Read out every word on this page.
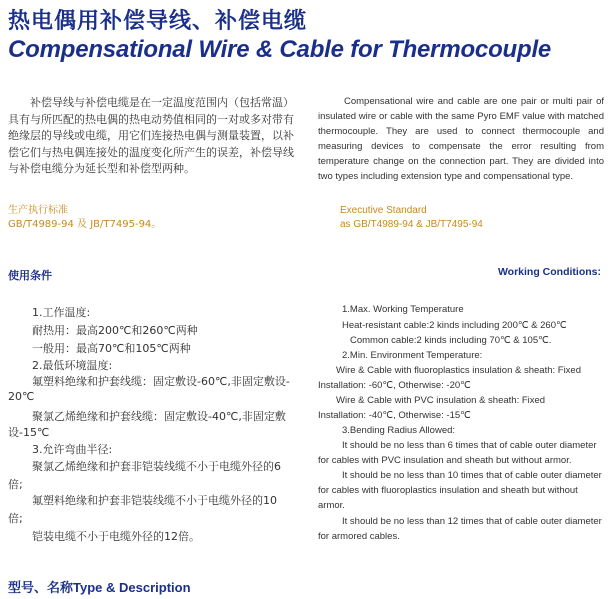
热电偶用补偿导线、补偿电缆
Compensational Wire & Cable for Thermocouple
补偿导线与补偿电缆是在一定温度范围内（包括常温）具有与所匹配的热电偶的热电动势值相同的一对或多对带有绝缘层的导线或电缆，用它们连接热电偶与测量装置，以补偿它们与热电偶连接处的温度变化所产生的误差，补偿导线与补偿电缆分为延长型和补偿型两种。
Compensational wire and cable are one pair or multi pair of insulated wire or cable with the same Pyro EMF value with matched thermocouple. They are used to connect thermocouple and measuring devices to compensate the error resulting from temperature change on the connection part. They are divided into two types including extension type and compensational type.
生产执行标准
GB/T4989-94 及 JB/T7495-94。
Executive Standard
as GB/T4989-94 & JB/T7495-94
使用条件	Working Conditions:
1.工作温度:
耐热用：最高200℃和260℃两种
一般用：最高70℃和105℃两种
2.最低环境温度:
氟塑料绝缘和护套线缆：固定敷设-60℃,非固定敷设-
20℃
聚氯乙烯绝缘和护套线缆：固定敷设-40℃,非固定敷
设-15℃
3.允许弯曲半径:
聚氯乙烯绝缘和护套非铠装线缆不小于电缆外径的6
倍;
氟塑料绝缘和护套非铠装线缆不小于电缆外径的10
倍;
铠装电缆不小于电缆外径的12倍。
1.Max. Working Temperature
Heat-resistant cable:2 kinds including 200℃ & 260℃
Common cable:2 kinds including 70℃ & 105℃.
2.Min. Environment Temperature:
Wire & Cable with fluoroplastics insulation & sheath: Fixed
Installation: -60℃, Otherwise: -20℃
Wire & Cable with PVC insulation & sheath: Fixed
Installation: -40℃, Otherwise: -15℃
3.Bending Radius Allowed:
It should be no less than 6 times that of cable outer diameter
for cables with PVC insulation and sheath but without armor.
It should be no less than 10 times that of cable outer diameter
for cables with fluoroplastics insulation and sheath but without
armor.
It should be no less than 12 times that of cable outer diameter
for armored cables.
型号、名称Type & Description
